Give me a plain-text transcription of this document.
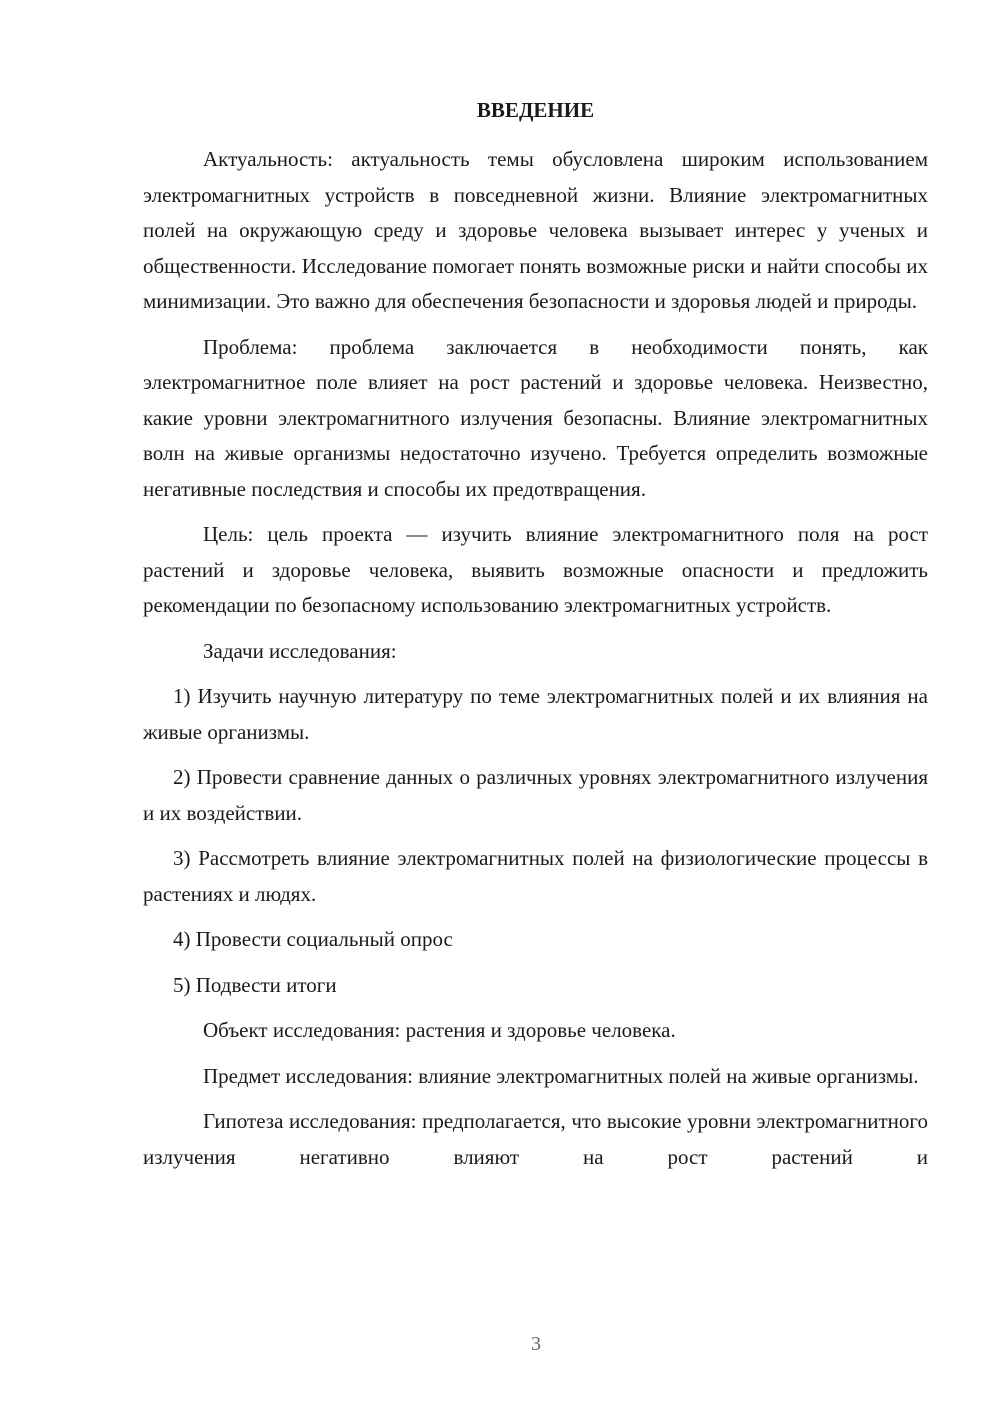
ВВЕДЕНИЕ

Актуальность: актуальность темы обусловлена широким использованием электромагнитных устройств в повседневной жизни. Влияние электромагнитных полей на окружающую среду и здоровье человека вызывает интерес у ученых и общественности. Исследование помогает понять возможные риски и найти способы их минимизации. Это важно для обеспечения безопасности и здоровья людей и природы.

Проблема: проблема заключается в необходимости понять, как электромагнитное поле влияет на рост растений и здоровье человека. Неизвестно, какие уровни электромагнитного излучения безопасны. Влияние электромагнитных волн на живые организмы недостаточно изучено. Требуется определить возможные негативные последствия и способы их предотвращения.

Цель: цель проекта — изучить влияние электромагнитного поля на рост растений и здоровье человека, выявить возможные опасности и предложить рекомендации по безопасному использованию электромагнитных устройств.

Задачи исследования:

1) Изучить научную литературу по теме электромагнитных полей и их влияния на живые организмы.

2) Провести сравнение данных о различных уровнях электромагнитного излучения и их воздействии.

3) Рассмотреть влияние электромагнитных полей на физиологические процессы в растениях и людях.

4) Провести социальный опрос

5) Подвести итоги

Объект исследования: растения и здоровье человека.

Предмет исследования: влияние электромагнитных полей на живые организмы.

Гипотеза исследования: предполагается, что высокие уровни электромагнитного излучения негативно влияют на рост растений и

3
